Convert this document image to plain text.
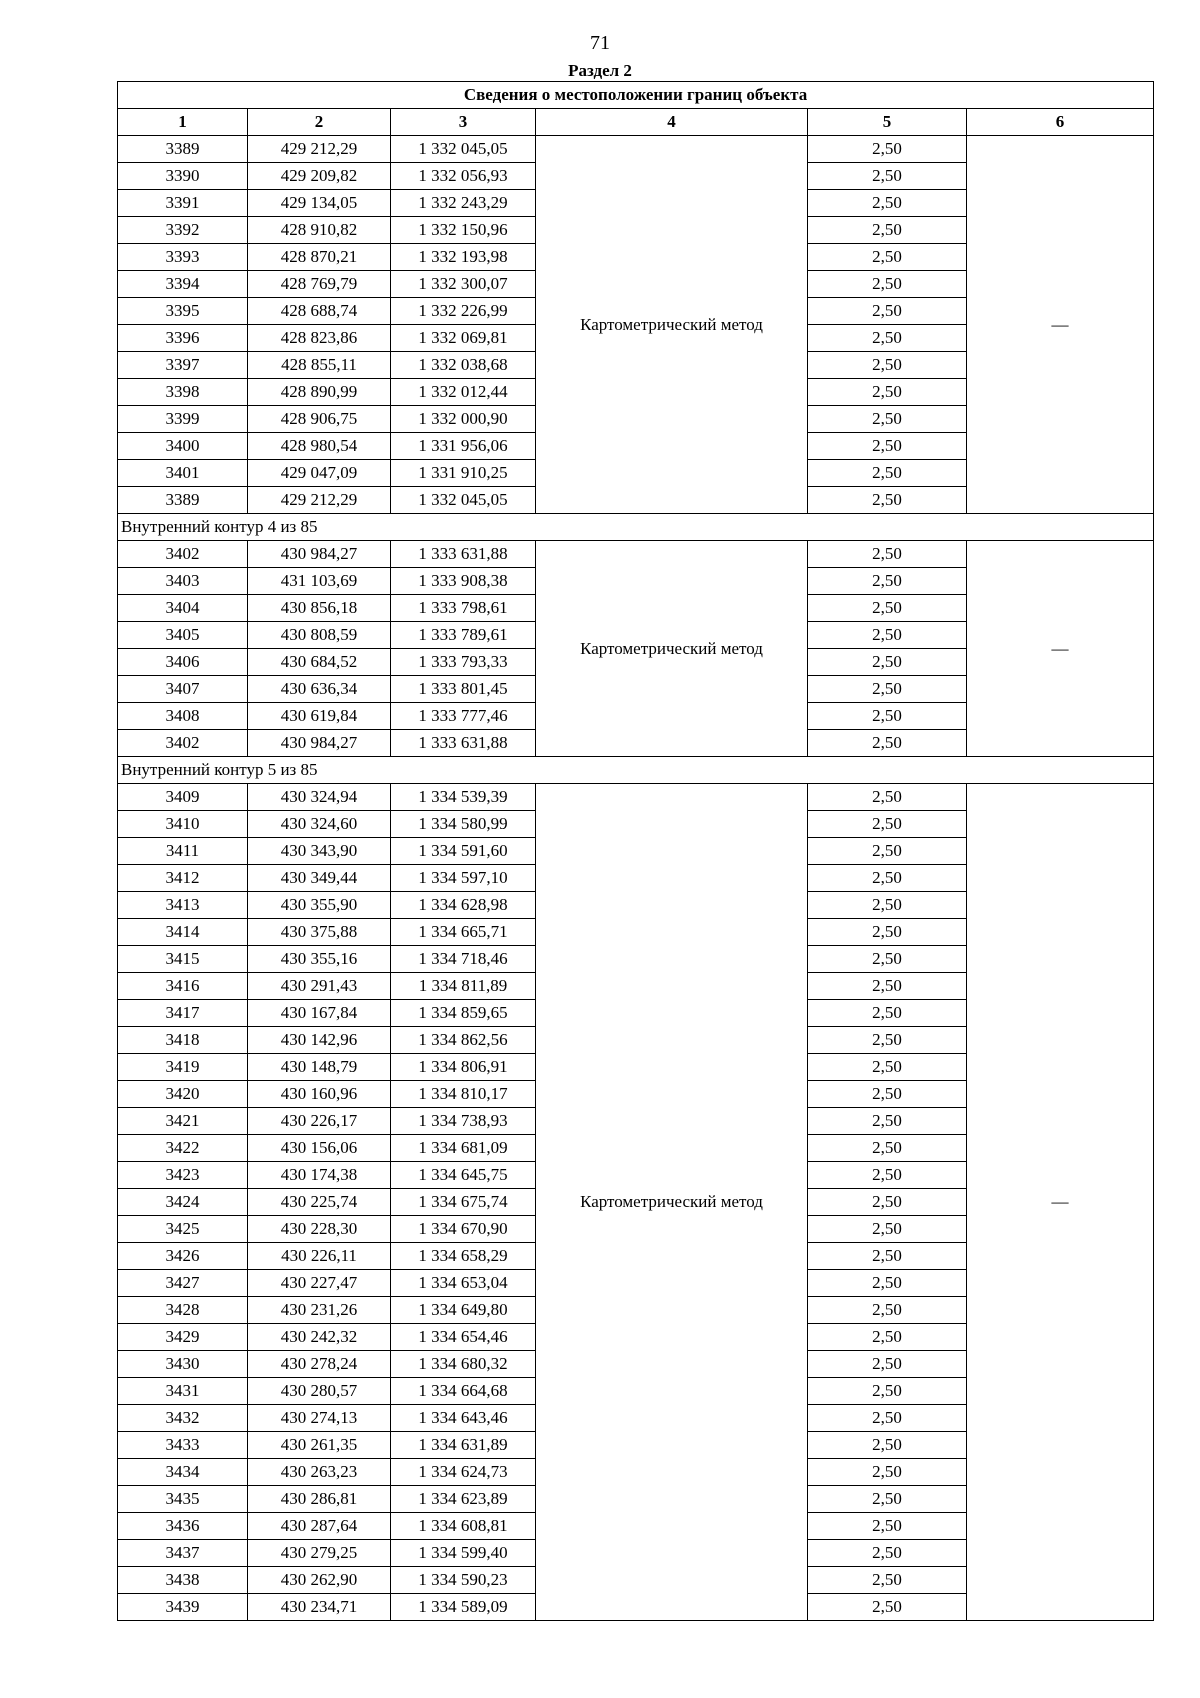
71
Раздел 2
Сведения о местоположении границ объекта					
1	2	3	4	5	6
3389	429 212,29	1 332 045,05	Картометрический метод	2,50	—
3390	429 209,82	1 332 056,93		2,50	
3391	429 134,05	1 332 243,29		2,50	
3392	428 910,82	1 332 150,96		2,50	
3393	428 870,21	1 332 193,98		2,50	
3394	428 769,79	1 332 300,07		2,50	
3395	428 688,74	1 332 226,99		2,50	
3396	428 823,86	1 332 069,81		2,50	
3397	428 855,11	1 332 038,68		2,50	
3398	428 890,99	1 332 012,44		2,50	
3399	428 906,75	1 332 000,90		2,50	
3400	428 980,54	1 331 956,06		2,50	
3401	429 047,09	1 331 910,25		2,50	
3389	429 212,29	1 332 045,05		2,50	
Внутренний контур 4 из 85					
3402	430 984,27	1 333 631,88	Картометрический метод	2,50	—
3403	431 103,69	1 333 908,38		2,50	
3404	430 856,18	1 333 798,61		2,50	
3405	430 808,59	1 333 789,61		2,50	
3406	430 684,52	1 333 793,33		2,50	
3407	430 636,34	1 333 801,45		2,50	
3408	430 619,84	1 333 777,46		2,50	
3402	430 984,27	1 333 631,88		2,50	
Внутренний контур 5 из 85					
3409	430 324,94	1 334 539,39	Картометрический метод	2,50	—
3410	430 324,60	1 334 580,99		2,50	
3411	430 343,90	1 334 591,60		2,50	
3412	430 349,44	1 334 597,10		2,50	
3413	430 355,90	1 334 628,98		2,50	
3414	430 375,88	1 334 665,71		2,50	
3415	430 355,16	1 334 718,46		2,50	
3416	430 291,43	1 334 811,89		2,50	
3417	430 167,84	1 334 859,65		2,50	
3418	430 142,96	1 334 862,56		2,50	
3419	430 148,79	1 334 806,91		2,50	
3420	430 160,96	1 334 810,17		2,50	
3421	430 226,17	1 334 738,93		2,50	
3422	430 156,06	1 334 681,09		2,50	
3423	430 174,38	1 334 645,75		2,50	
3424	430 225,74	1 334 675,74		2,50	
3425	430 228,30	1 334 670,90		2,50	
3426	430 226,11	1 334 658,29		2,50	
3427	430 227,47	1 334 653,04		2,50	
3428	430 231,26	1 334 649,80		2,50	
3429	430 242,32	1 334 654,46		2,50	
3430	430 278,24	1 334 680,32		2,50	
3431	430 280,57	1 334 664,68		2,50	
3432	430 274,13	1 334 643,46		2,50	
3433	430 261,35	1 334 631,89		2,50	
3434	430 263,23	1 334 624,73		2,50	
3435	430 286,81	1 334 623,89		2,50	
3436	430 287,64	1 334 608,81		2,50	
3437	430 279,25	1 334 599,40		2,50	
3438	430 262,90	1 334 590,23		2,50	
3439	430 234,71	1 334 589,09		2,50	
